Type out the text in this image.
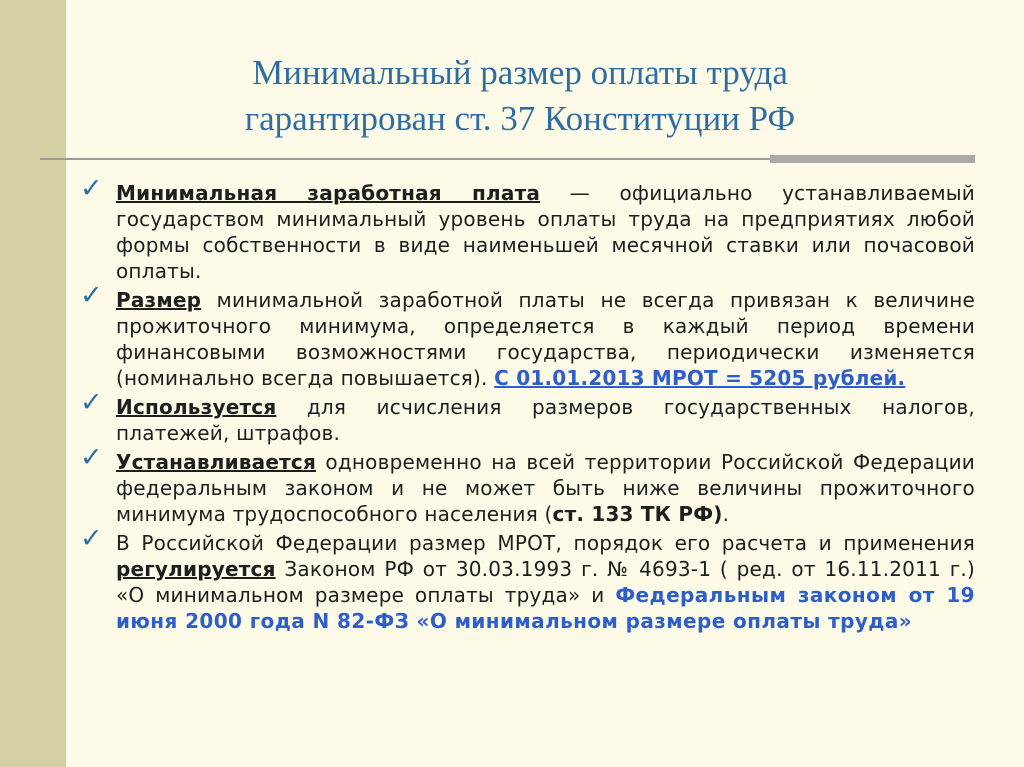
Минимальный размер оплаты труда
гарантирован ст. 37 Конституции РФ
✓ Минимальная заработная плата — официально устанавливаемый государством минимальный уровень оплаты труда на предприятиях любой формы собственности в виде наименьшей месячной ставки или почасовой оплаты.
✓ Размер минимальной заработной платы не всегда привязан к величине прожиточного минимума, определяется в каждый период времени финансовыми возможностями государства, периодически изменяется (номинально всегда повышается). С 01.01.2013 МРОТ = 5205 рублей.
✓ Используется для исчисления размеров государственных налогов, платежей, штрафов.
✓ Устанавливается одновременно на всей территории Российской Федерации федеральным законом и не может быть ниже величины прожиточного минимума трудоспособного населения (ст. 133 ТК РФ).
✓ В Российской Федерации размер МРОТ, порядок его расчета и применения регулируется Законом РФ от 30.03.1993 г. № 4693-1 ( ред. от 16.11.2011 г.) «О минимальном размере оплаты труда» и Федеральным законом от 19 июня 2000 года N 82-ФЗ «О минимальном размере оплаты труда»
